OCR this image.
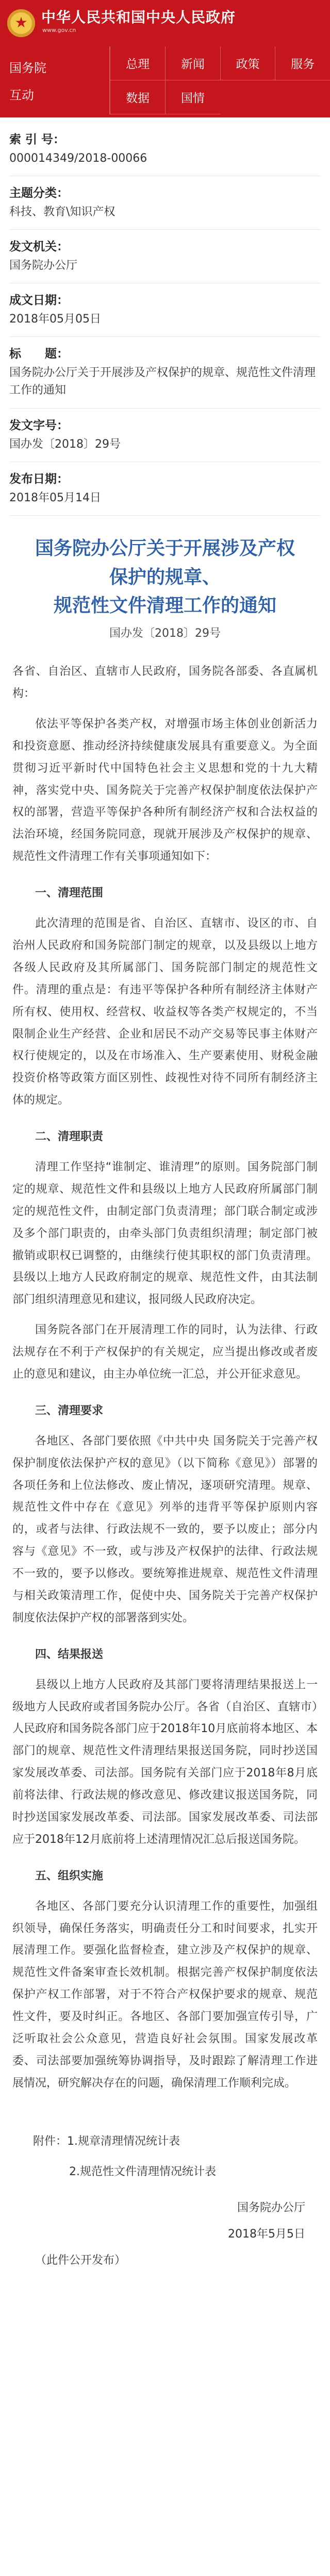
★
中华人民共和国中央人民政府
www.gov.cn
国务院
互动
总理	新闻	政策	服务
数据	国情
索 引 号：
000014349/2018-00066
主题分类：
科技、教育\知识产权
发文机关：
国务院办公厅
成文日期：
2018年05月05日
标　　题：
国务院办公厅关于开展涉及产权保护的规章、规范性文件清理工作的通知
发文字号：
国办发〔2018〕29号
发布日期：
2018年05月14日
国务院办公厅关于开展涉及产权
保护的规章、
规范性文件清理工作的通知
国办发〔2018〕29号

各省、自治区、直辖市人民政府，国务院各部委、各直属机构：

依法平等保护各类产权，对增强市场主体创业创新活力和投资意愿、推动经济持续健康发展具有重要意义。为全面贯彻习近平新时代中国特色社会主义思想和党的十九大精神，落实党中央、国务院关于完善产权保护制度依法保护产权的部署，营造平等保护各种所有制经济产权和合法权益的法治环境，经国务院同意，现就开展涉及产权保护的规章、规范性文件清理工作有关事项通知如下：

一、清理范围

此次清理的范围是省、自治区、直辖市、设区的市、自治州人民政府和国务院部门制定的规章，以及县级以上地方各级人民政府及其所属部门、国务院部门制定的规范性文件。清理的重点是：有违平等保护各种所有制经济主体财产所有权、使用权、经营权、收益权等各类产权规定的，不当限制企业生产经营、企业和居民不动产交易等民事主体财产权行使规定的，以及在市场准入、生产要素使用、财税金融投资价格等政策方面区别性、歧视性对待不同所有制经济主体的规定。

二、清理职责

清理工作坚持“谁制定、谁清理”的原则。国务院部门制定的规章、规范性文件和县级以上地方人民政府所属部门制定的规范性文件，由制定部门负责清理；部门联合制定或涉及多个部门职责的，由牵头部门负责组织清理；制定部门被撤销或职权已调整的，由继续行使其职权的部门负责清理。县级以上地方人民政府制定的规章、规范性文件，由其法制部门组织清理意见和建议，报同级人民政府决定。

国务院各部门在开展清理工作的同时，认为法律、行政法规存在不利于产权保护的有关规定，应当提出修改或者废止的意见和建议，由主办单位统一汇总，并公开征求意见。

三、清理要求

各地区、各部门要依照《中共中央 国务院关于完善产权保护制度依法保护产权的意见》（以下简称《意见》）部署的各项任务和上位法修改、废止情况，逐项研究清理。规章、规范性文件中存在《意见》列举的违背平等保护原则内容的，或者与法律、行政法规不一致的，要予以废止；部分内容与《意见》不一致，或与涉及产权保护的法律、行政法规不一致的，要予以修改。要统筹推进规章、规范性文件清理与相关政策清理工作，促使中央、国务院关于完善产权保护制度依法保护产权的部署落到实处。

四、结果报送

县级以上地方人民政府及其部门要将清理结果报送上一级地方人民政府或者国务院办公厅。各省（自治区、直辖市）人民政府和国务院各部门应于2018年10月底前将本地区、本部门的规章、规范性文件清理结果报送国务院，同时抄送国家发展改革委、司法部。国务院有关部门应于2018年8月底前将法律、行政法规的修改意见、修改建议报送国务院，同时抄送国家发展改革委、司法部。国家发展改革委、司法部应于2018年12月底前将上述清理情况汇总后报送国务院。

五、组织实施

各地区、各部门要充分认识清理工作的重要性，加强组织领导，确保任务落实，明确责任分工和时间要求，扎实开展清理工作。要强化监督检查，建立涉及产权保护的规章、规范性文件备案审查长效机制。根据完善产权保护制度依法保护产权工作部署，对于不符合产权保护要求的规章、规范性文件，要及时纠正。各地区、各部门要加强宣传引导，广泛听取社会公众意见，营造良好社会氛围。国家发展改革委、司法部要加强统筹协调指导，及时跟踪了解清理工作进展情况，研究解决存在的问题，确保清理工作顺利完成。

附件：1.规章清理情况统计表
2.规范性文件清理情况统计表
国务院办公厅
2018年5月5日

（此件公开发布）
